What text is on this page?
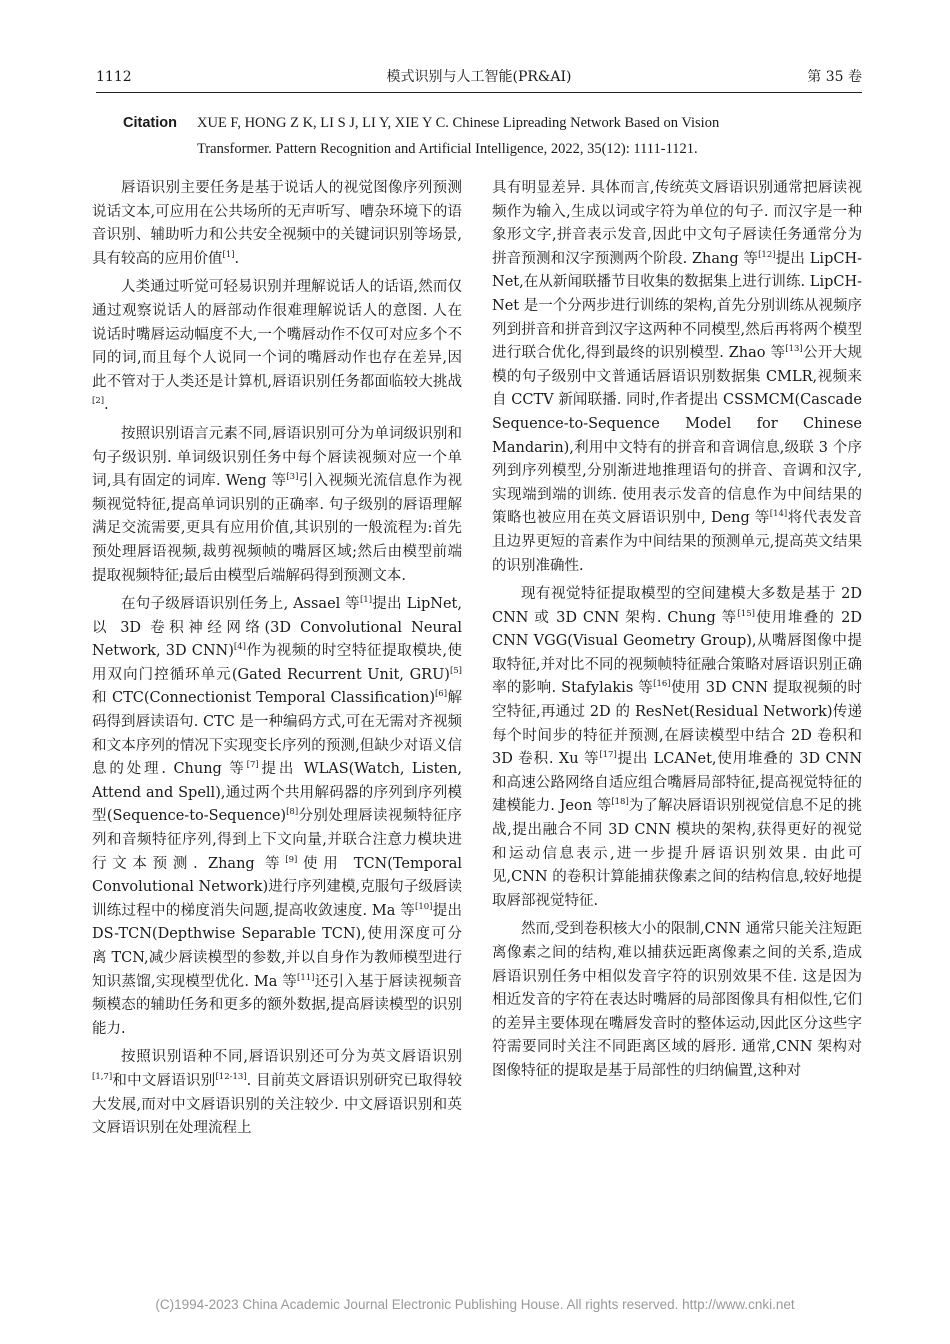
1112	模式识别与人工智能(PR&AI)	第 35 卷
Citation XUE F, HONG Z K, LI S J, LI Y, XIE Y C. Chinese Lipreading Network Based on Vision
Transformer. Pattern Recognition and Artificial Intelligence, 2022, 35(12): 1111-1121.

唇语识别主要任务是基于说话人的视觉图像序列预测说话文本,可应用在公共场所的无声听写、嘈杂环境下的语音识别、辅助听力和公共安全视频中的关键词识别等场景,具有较高的应用价值[1].

人类通过听觉可轻易识别并理解说话人的话语,然而仅通过观察说话人的唇部动作很难理解说话人的意图. 人在说话时嘴唇运动幅度不大,一个嘴唇动作不仅可对应多个不同的词,而且每个人说同一个词的嘴唇动作也存在差异,因此不管对于人类还是计算机,唇语识别任务都面临较大挑战[2].

按照识别语言元素不同,唇语识别可分为单词级识别和句子级识别. 单词级识别任务中每个唇读视频对应一个单词,具有固定的词库. Weng 等[3]引入视频光流信息作为视频视觉特征,提高单词识别的正确率. 句子级别的唇语理解满足交流需要,更具有应用价值,其识别的一般流程为:首先预处理唇语视频,裁剪视频帧的嘴唇区域;然后由模型前端提取视频特征;最后由模型后端解码得到预测文本.

在句子级唇语识别任务上, Assael 等[1]提出 LipNet,以 3D 卷积神经网络(3D Convolutional Neural Network, 3D CNN)[4]作为视频的时空特征提取模块,使用双向门控循环单元(Gated Recurrent Unit, GRU)[5]和 CTC(Connectionist Temporal Classification)[6]解码得到唇读语句. CTC 是一种编码方式,可在无需对齐视频和文本序列的情况下实现变长序列的预测,但缺少对语义信息的处理. Chung 等[7]提出 WLAS(Watch, Listen, Attend and Spell),通过两个共用解码器的序列到序列模型(Sequence-to-Sequence)[8]分别处理唇读视频特征序列和音频特征序列,得到上下文向量,并联合注意力模块进行文本预测. Zhang 等[9]使用 TCN(Temporal Convolutional Network)进行序列建模,克服句子级唇读训练过程中的梯度消失问题,提高收敛速度. Ma 等[10]提出 DS-TCN(Depthwise Separable TCN),使用深度可分离 TCN,减少唇读模型的参数,并以自身作为教师模型进行知识蒸馏,实现模型优化. Ma 等[11]还引入基于唇读视频音频模态的辅助任务和更多的额外数据,提高唇读模型的识别能力.

按照识别语种不同,唇语识别还可分为英文唇语识别[1,7]和中文唇语识别[12-13]. 目前英文唇语识别研究已取得较大发展,而对中文唇语识别的关注较少. 中文唇语识别和英文唇语识别在处理流程上

具有明显差异. 具体而言,传统英文唇语识别通常把唇读视频作为输入,生成以词或字符为单位的句子. 而汉字是一种象形文字,拼音表示发音,因此中文句子唇读任务通常分为拼音预测和汉字预测两个阶段. Zhang 等[12]提出 LipCH-Net,在从新闻联播节目收集的数据集上进行训练. LipCH-Net 是一个分两步进行训练的架构,首先分别训练从视频序列到拼音和拼音到汉字这两种不同模型,然后再将两个模型进行联合优化,得到最终的识别模型. Zhao 等[13]公开大规模的句子级别中文普通话唇语识别数据集 CMLR,视频来自 CCTV 新闻联播. 同时,作者提出 CSSMCM(Cascade Sequence-to-Sequence Model for Chinese Mandarin),利用中文特有的拼音和音调信息,级联 3 个序列到序列模型,分别渐进地推理语句的拼音、音调和汉字,实现端到端的训练. 使用表示发音的信息作为中间结果的策略也被应用在英文唇语识别中, Deng 等[14]将代表发音且边界更短的音素作为中间结果的预测单元,提高英文结果的识别准确性.

现有视觉特征提取模型的空间建模大多数是基于 2D CNN 或 3D CNN 架构. Chung 等[15]使用堆叠的 2D CNN VGG(Visual Geometry Group),从嘴唇图像中提取特征,并对比不同的视频帧特征融合策略对唇语识别正确率的影响. Stafylakis 等[16]使用 3D CNN 提取视频的时空特征,再通过 2D 的 ResNet(Residual Network)传递每个时间步的特征并预测,在唇读模型中结合 2D 卷积和 3D 卷积. Xu 等[17]提出 LCANet,使用堆叠的 3D CNN 和高速公路网络自适应组合嘴唇局部特征,提高视觉特征的建模能力. Jeon 等[18]为了解决唇语识别视觉信息不足的挑战,提出融合不同 3D CNN 模块的架构,获得更好的视觉和运动信息表示,进一步提升唇语识别效果. 由此可见,CNN 的卷积计算能捕获像素之间的结构信息,较好地提取唇部视觉特征.

然而,受到卷积核大小的限制,CNN 通常只能关注短距离像素之间的结构,难以捕获远距离像素之间的关系,造成唇语识别任务中相似发音字符的识别效果不佳. 这是因为相近发音的字符在表达时嘴唇的局部图像具有相似性,它们的差异主要体现在嘴唇发音时的整体运动,因此区分这些字符需要同时关注不同距离区域的唇形. 通常,CNN 架构对图像特征的提取是基于局部性的归纳偏置,这种对

(C)1994-2023 China Academic Journal Electronic Publishing House. All rights reserved. http://www.cnki.net
